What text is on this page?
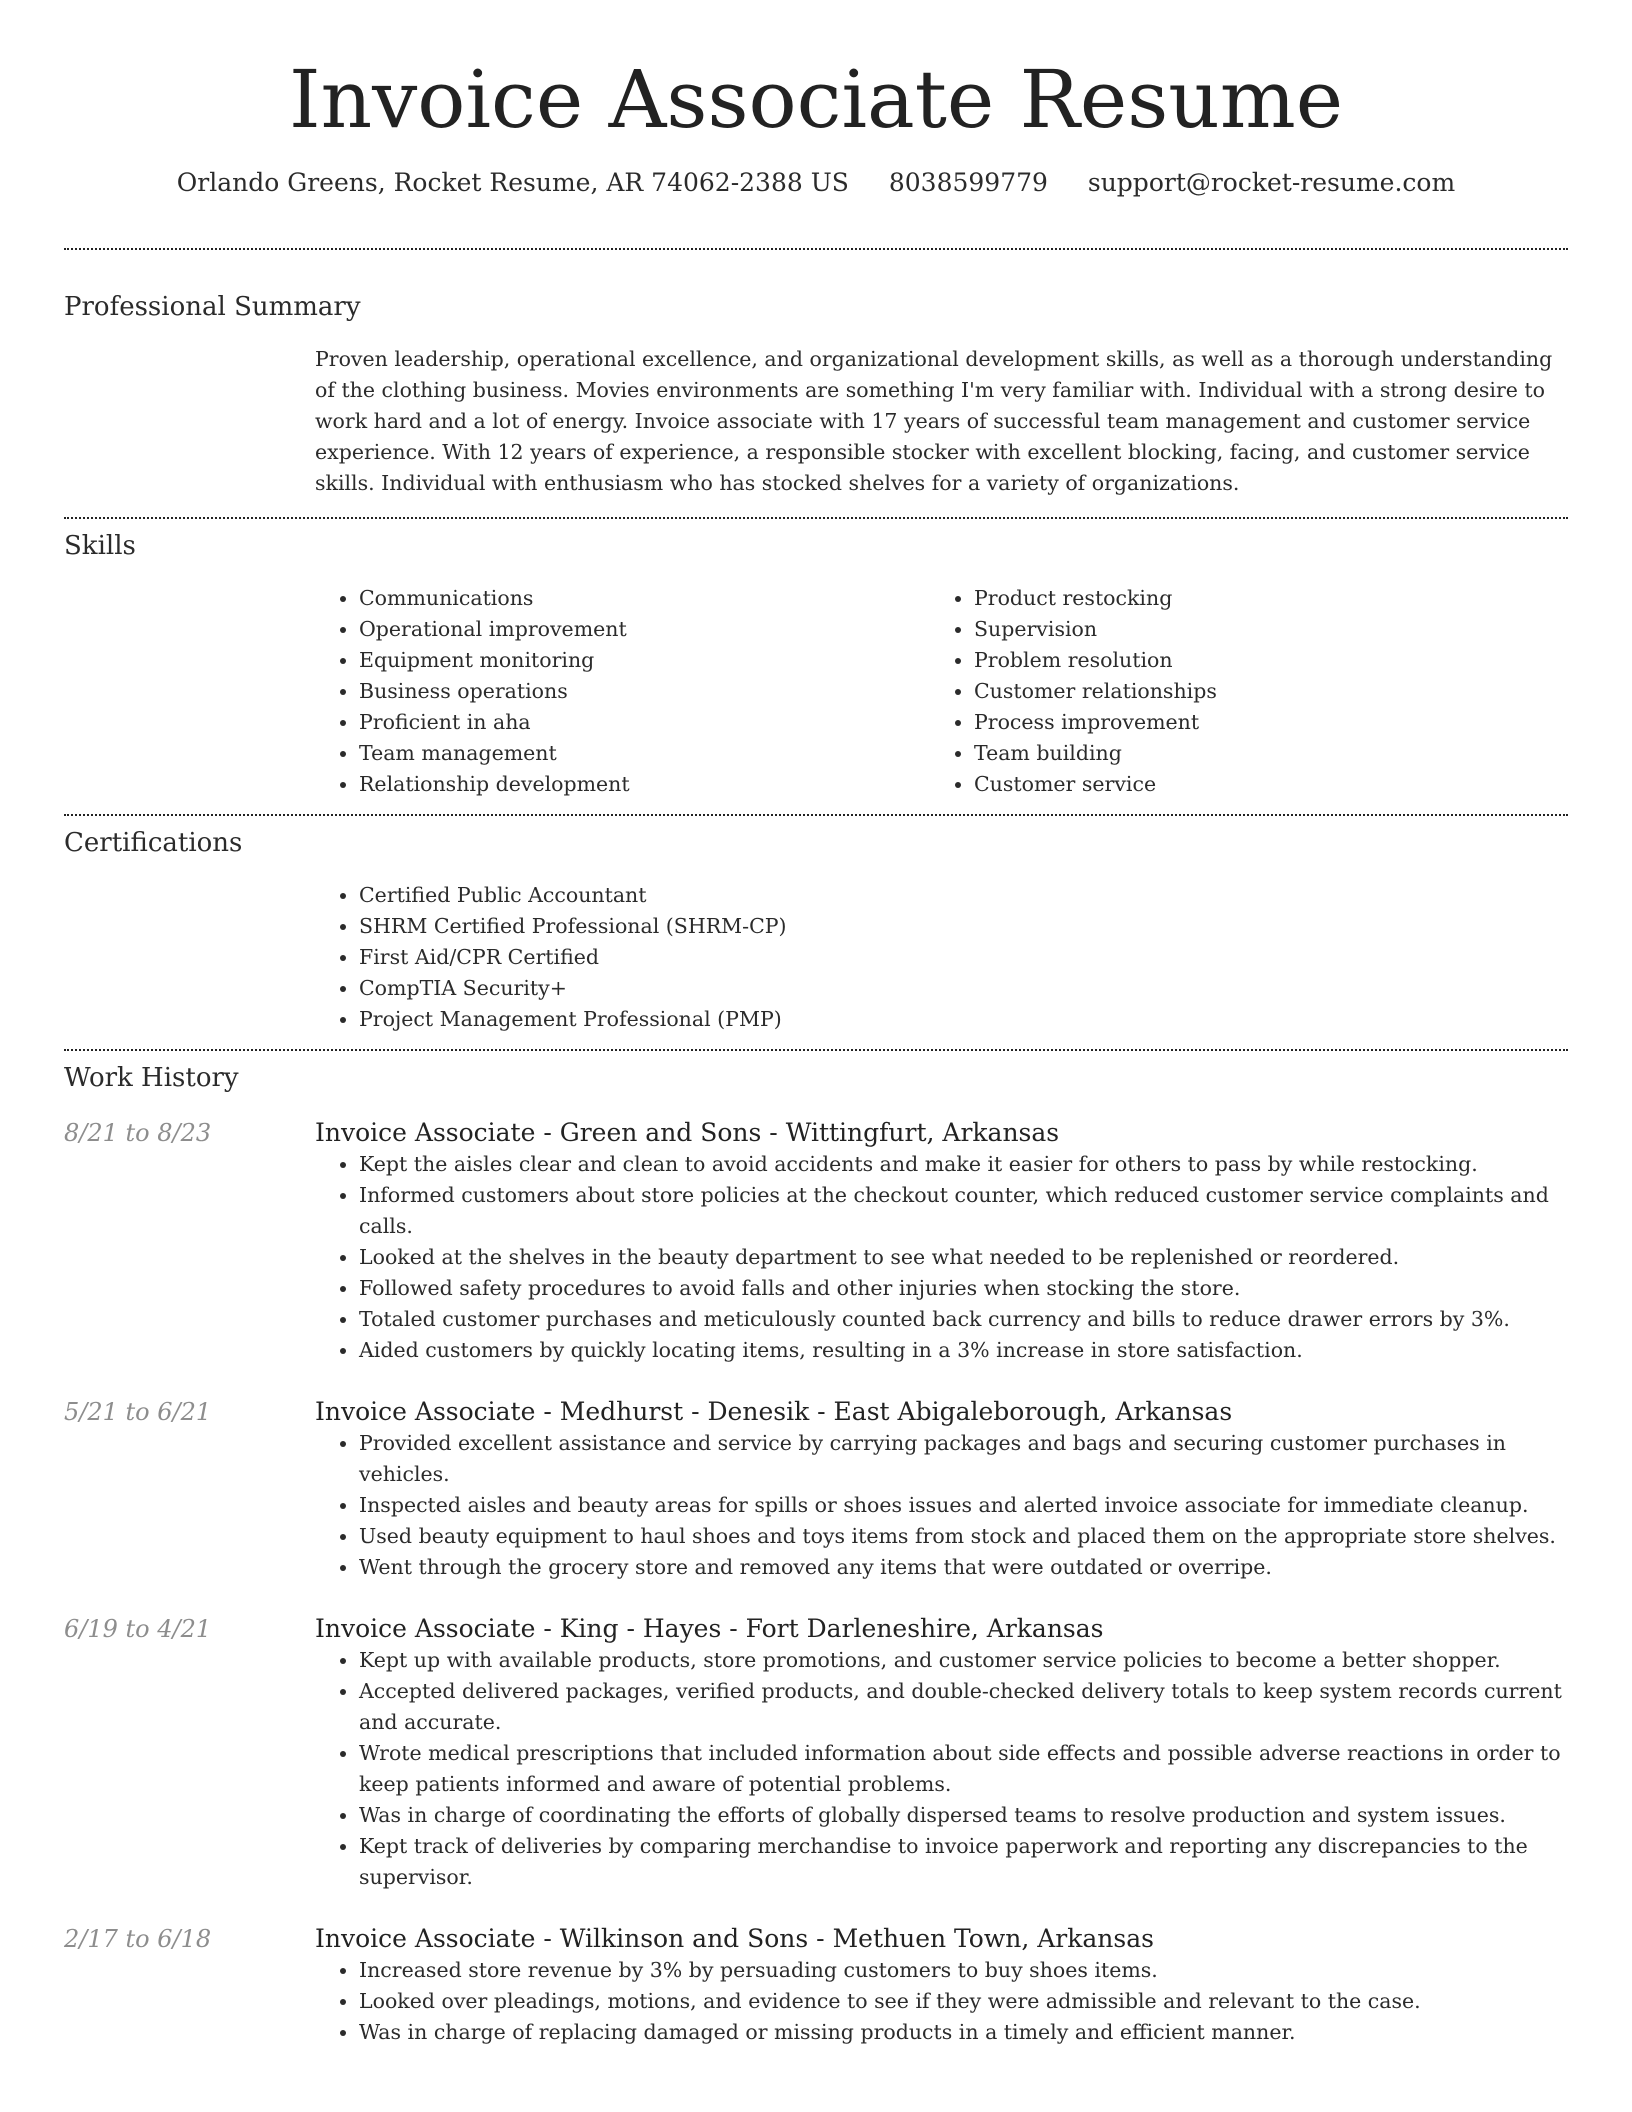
Invoice Associate Resume
Orlando Greens, Rocket Resume, AR 74062-2388 US 8038599779 support@rocket-resume.com
Professional Summary
Proven leadership, operational excellence, and organizational development skills, as well as a thorough understanding of the clothing business. Movies environments are something I'm very familiar with. Individual with a strong desire to work hard and a lot of energy. Invoice associate with 17 years of successful team management and customer service experience. With 12 years of experience, a responsible stocker with excellent blocking, facing, and customer service skills. Individual with enthusiasm who has stocked shelves for a variety of organizations.
Skills
• Communications
• Operational improvement
• Equipment monitoring
• Business operations
• Proficient in aha
• Team management
• Relationship development
• Product restocking
• Supervision
• Problem resolution
• Customer relationships
• Process improvement
• Team building
• Customer service
Certifications
• Certified Public Accountant
• SHRM Certified Professional (SHRM-CP)
• First Aid/CPR Certified
• CompTIA Security+
• Project Management Professional (PMP)
Work History
8/21 to 8/23	Invoice Associate - Green and Sons - Wittingfurt, Arkansas
• Kept the aisles clear and clean to avoid accidents and make it easier for others to pass by while restocking.
• Informed customers about store policies at the checkout counter, which reduced customer service complaints and calls.
• Looked at the shelves in the beauty department to see what needed to be replenished or reordered.
• Followed safety procedures to avoid falls and other injuries when stocking the store.
• Totaled customer purchases and meticulously counted back currency and bills to reduce drawer errors by 3%.
• Aided customers by quickly locating items, resulting in a 3% increase in store satisfaction.
5/21 to 6/21	Invoice Associate - Medhurst - Denesik - East Abigaleborough, Arkansas
• Provided excellent assistance and service by carrying packages and bags and securing customer purchases in vehicles.
• Inspected aisles and beauty areas for spills or shoes issues and alerted invoice associate for immediate cleanup.
• Used beauty equipment to haul shoes and toys items from stock and placed them on the appropriate store shelves.
• Went through the grocery store and removed any items that were outdated or overripe.
6/19 to 4/21	Invoice Associate - King - Hayes - Fort Darleneshire, Arkansas
• Kept up with available products, store promotions, and customer service policies to become a better shopper.
• Accepted delivered packages, verified products, and double-checked delivery totals to keep system records current and accurate.
• Wrote medical prescriptions that included information about side effects and possible adverse reactions in order to keep patients informed and aware of potential problems.
• Was in charge of coordinating the efforts of globally dispersed teams to resolve production and system issues.
• Kept track of deliveries by comparing merchandise to invoice paperwork and reporting any discrepancies to the supervisor.
2/17 to 6/18	Invoice Associate - Wilkinson and Sons - Methuen Town, Arkansas
• Increased store revenue by 3% by persuading customers to buy shoes items.
• Looked over pleadings, motions, and evidence to see if they were admissible and relevant to the case.
• Was in charge of replacing damaged or missing products in a timely and efficient manner.
